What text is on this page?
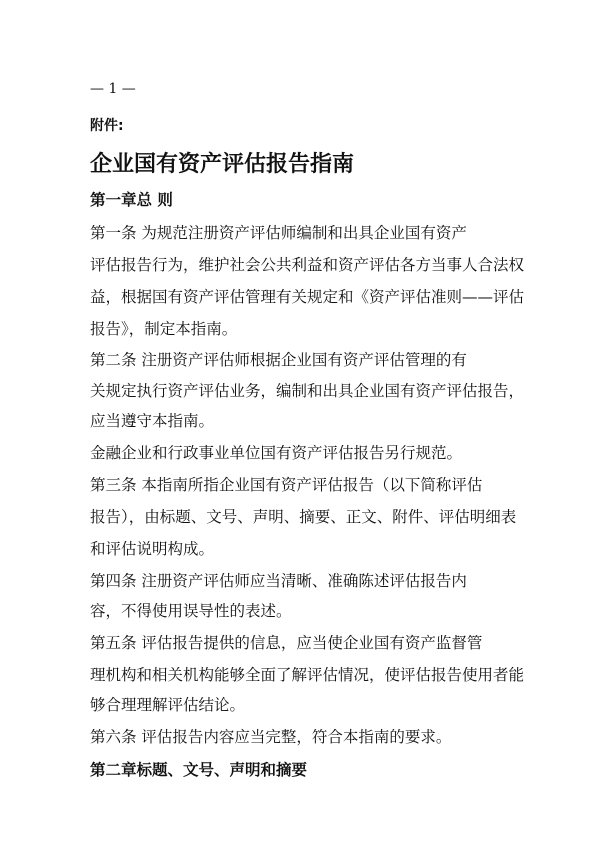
— 1 —
附件:
企业国有资产评估报告指南
第一章总 则
第一条 为规范注册资产评估师编制和出具企业国有资产
评估报告行为，维护社会公共利益和资产评估各方当事人合法权
益，根据国有资产评估管理有关规定和《资产评估准则——评估
报告》，制定本指南。
第二条 注册资产评估师根据企业国有资产评估管理的有
关规定执行资产评估业务，编制和出具企业国有资产评估报告，
应当遵守本指南。
金融企业和行政事业单位国有资产评估报告另行规范。
第三条 本指南所指企业国有资产评估报告（以下简称评估
报告），由标题、文号、声明、摘要、正文、附件、评估明细表
和评估说明构成。
第四条 注册资产评估师应当清晰、准确陈述评估报告内
容，不得使用误导性的表述。
第五条 评估报告提供的信息，应当使企业国有资产监督管
理机构和相关机构能够全面了解评估情况，使评估报告使用者能
够合理理解评估结论。
第六条 评估报告内容应当完整，符合本指南的要求。
第二章标题、文号、声明和摘要
